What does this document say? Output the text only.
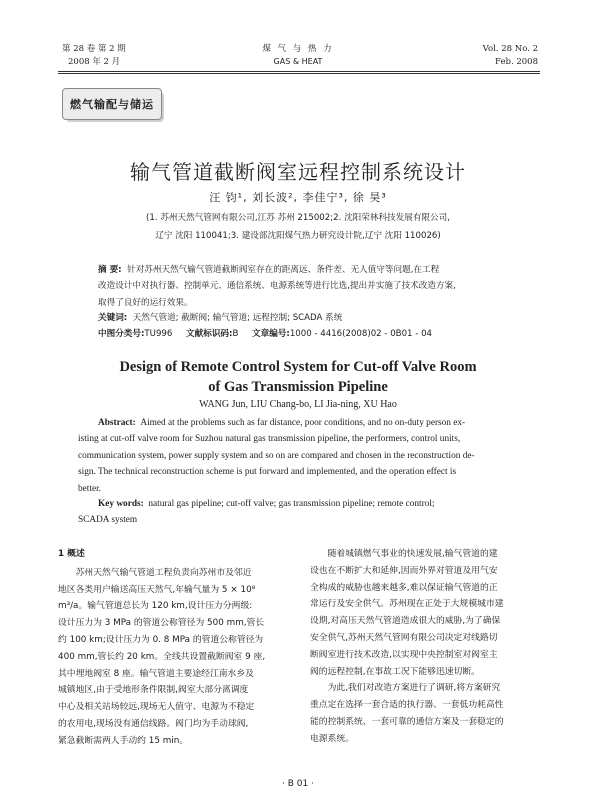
第 28 卷 第 2 期
2008 年 2 月
煤 气 与 热 力
GAS & HEAT
Vol. 28 No. 2
Feb. 2008
燃气输配与储运
输气管道截断阀室远程控制系统设计
汪 钧¹, 刘长波², 李佳宁³, 徐 昊³
(1. 苏州天然气管网有限公司,江苏 苏州 215002;2. 沈阳荣林科技发展有限公司,
辽宁 沈阳 110041;3. 建设部沈阳煤气热力研究设计院,辽宁 沈阳 110026)
摘 要: 针对苏州天然气输气管道截断阀室存在的距离远、条件差、无人值守等问题,在工程
改造设计中对执行器、控制单元、通信系统、电源系统等进行比选,提出并实施了技术改造方案,
取得了良好的运行效果。
关键词: 天然气管道; 截断阀; 输气管道; 远程控制; SCADA 系统
中图分类号:TU996 文献标识码:B 文章编号:1000 - 4416(2008)02 - 0B01 - 04
Design of Remote Control System for Cut-off Valve Room
of Gas Transmission Pipeline
WANG Jun, LIU Chang-bo, LI Jia-ning, XU Hao
Abstract: Aimed at the problems such as far distance, poor conditions, and no on-duty person ex-
isting at cut-off valve room for Suzhou natural gas transmission pipeline, the performers, control units,
communication system, power supply system and so on are compared and chosen in the reconstruction de-
sign. The technical reconstruction scheme is put forward and implemented, and the operation effect is
better.
Key words: natural gas pipeline; cut-off valve; gas transmission pipeline; remote control;
SCADA system
1 概述
苏州天然气输气管道工程负责向苏州市及邻近
地区各类用户输送高压天然气,年输气量为 5 × 10⁸
m³/a。输气管道总长为 120 km,设计压力分两级:
设计压力为 3 MPa 的管道公称管径为 500 mm,管长
约 100 km;设计压力为 0. 8 MPa 的管道公称管径为
400 mm,管长约 20 km。全线共设置截断阀室 9 座,
其中埋地阀室 8 座。输气管道主要途经江南水乡及
城镇地区,由于受地形条件限制,阀室大部分离调度
中心及相关站场较远,现场无人值守、电源为不稳定
的农用电,现场没有通信线路。阀门均为手动球阀,
紧急截断需两人手动约 15 min。
随着城镇燃气事业的快速发展,输气管道的建
设也在不断扩大和延伸,因而外界对管道及用气安
全构成的威胁也越来越多,难以保证输气管道的正
常运行及安全供气。苏州现在正处于大规模城市建
设期,对高压天然气管道造成很大的威胁,为了确保
安全供气,苏州天然气管网有限公司决定对线路切
断阀室进行技术改造,以实现中央控制室对阀室主
阀的远程控制,在事故工况下能够迅速切断。
为此,我们对改造方案进行了调研,将方案研究
重点定在选择一套合适的执行器、一套低功耗高性
能的控制系统、一套可靠的通信方案及一套稳定的
电源系统。
· B 01 ·
